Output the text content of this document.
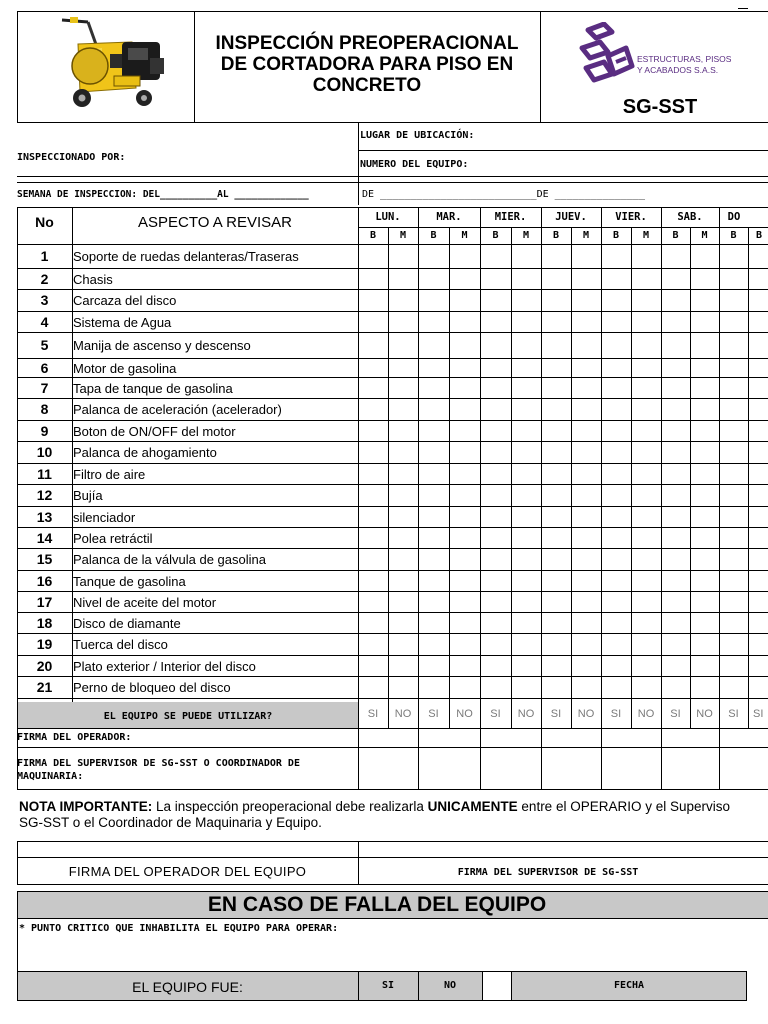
INSPECCIÓN PREOPERACIONAL
DE CORTADORA PARA PISO EN
CONCRETO
ESTRUCTURAS, PISOS
Y ACABADOS S.A.S.
SG-SST
LUGAR DE UBICACIÓN:
INSPECCIONADO POR:
NUMERO DEL EQUIPO:
SEMANA DE INSPECCION: DEL__________AL _____________	DE __________________________DE _______________
No	ASPECTO A REVISAR	LUN.	MAR.	MIER.	JUEV.	VIER.	SAB.	DO
B	M	B	M	B	M	B	M	B	M	B	M	B	B
1	Soporte de ruedas delanteras/Traseras
2	Chasis
3	Carcaza del disco
4	Sistema de Agua
5	Manija de ascenso y descenso
6	Motor de gasolina
7	Tapa de tanque de gasolina
8	Palanca de aceleración (acelerador)
9	Boton de ON/OFF del motor
10	Palanca de ahogamiento
11	Filtro de aire
12	Bujía
13	silenciador
14	Polea retráctil
15	Palanca de la válvula de gasolina
16	Tanque de gasolina
17	Nivel de aceite del motor
18	Disco de diamante
19	Tuerca del disco
20	Plato exterior / Interior del disco
21	Perno de bloqueo del disco
EL EQUIPO SE PUEDE UTILIZAR?	SI	NO	SI	NO	SI	NO	SI	NO	SI	NO	SI	NO	SI	SI
FIRMA DEL OPERADOR:
FIRMA DEL SUPERVISOR DE SG-SST O COORDINADOR DE
MAQUINARIA:
NOTA IMPORTANTE: La inspección preoperacional debe realizarla UNICAMENTE entre el OPERARIO y el Superviso
SG-SST o el Coordinador de Maquinaria y Equipo.
FIRMA DEL OPERADOR DEL EQUIPO	FIRMA DEL SUPERVISOR DE SG-SST
EN CASO DE FALLA DEL EQUIPO
* PUNTO CRITICO QUE INHABILITA EL EQUIPO PARA OPERAR:
EL EQUIPO FUE:	SI	NO	FECHA
